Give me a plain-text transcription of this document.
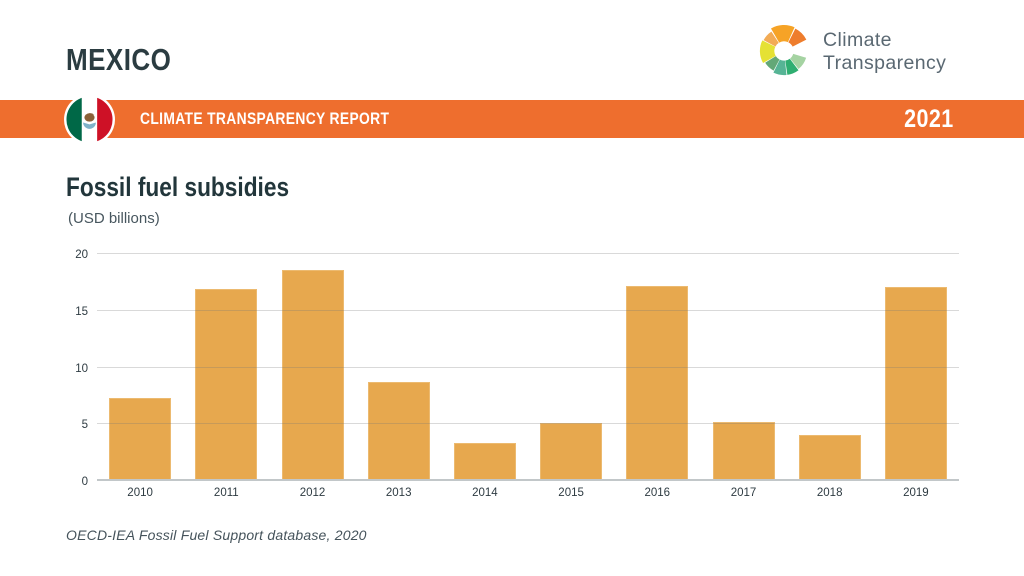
MEXICO
Climate
Transparency
CLIMATE TRANSPARENCY REPORT	2021
Fossil fuel subsidies
(USD billions)
0
5
10
15
20
2010	2011	2012	2013	2014	2015	2016	2017	2018	2019
OECD-IEA Fossil Fuel Support database, 2020
